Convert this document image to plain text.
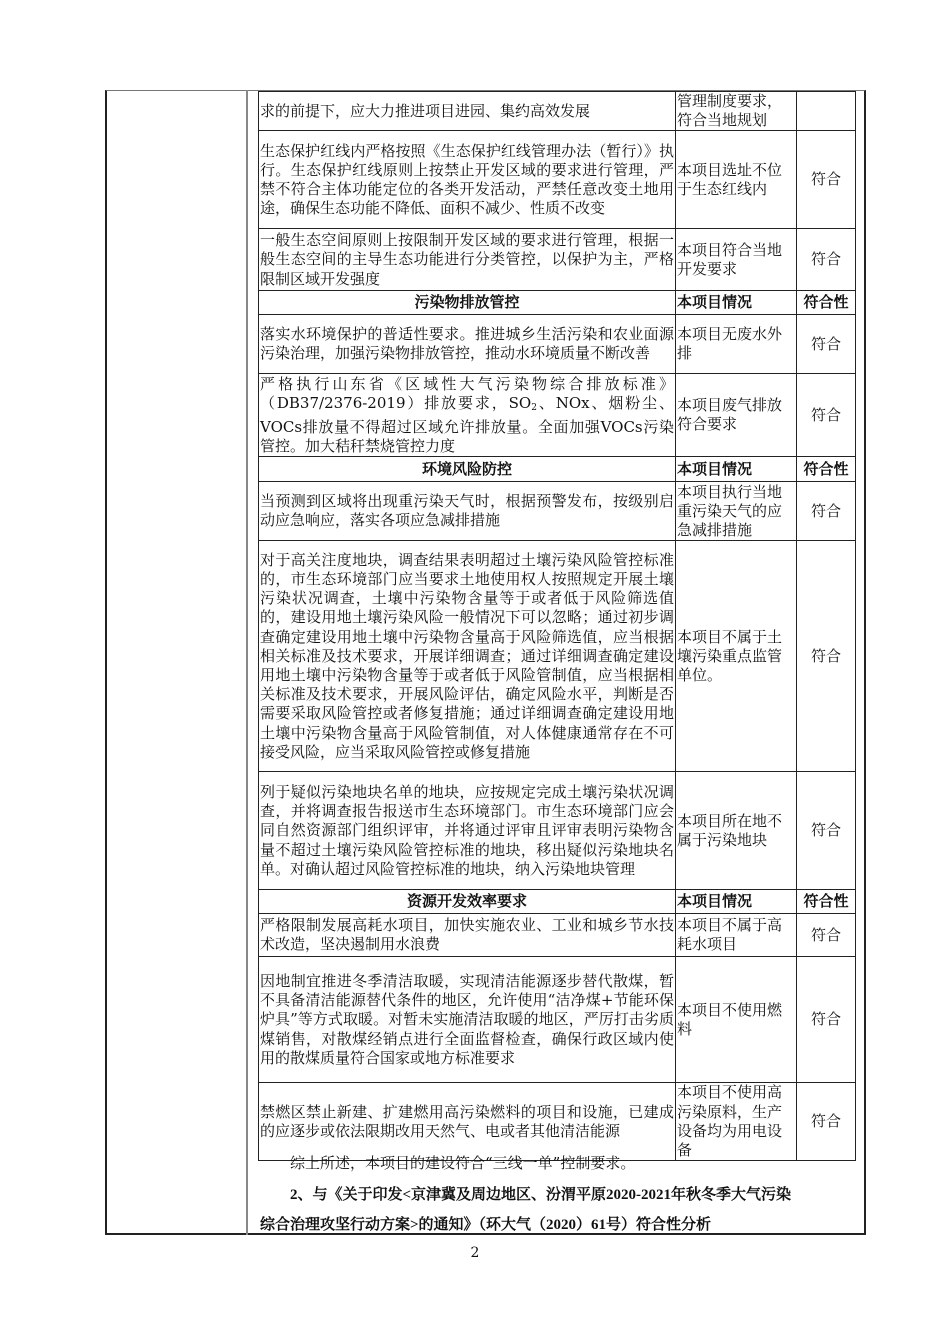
求的前提下，应大力推进项目进园、集约高效发展	管理制度要求，符合当地规划	
生态保护红线内严格按照《生态保护红线管理办法（暂行）》执行。生态保护红线原则上按禁止开发区域的要求进行管理，严禁不符合主体功能定位的各类开发活动，严禁任意改变土地用途，确保生态功能不降低、面积不减少、性质不改变	本项目选址不位于生态红线内	符合
一般生态空间原则上按限制开发区域的要求进行管理，根据一般生态空间的主导生态功能进行分类管控，以保护为主，严格限制区域开发强度	本项目符合当地开发要求	符合
污染物排放管控	本项目情况	符合性
落实水环境保护的普适性要求。推进城乡生活污染和农业面源污染治理，加强污染物排放管控，推动水环境质量不断改善	本项目无废水外排	符合
严格执行山东省《区域性大气污染物综合排放标准》（DB37/2376-2019）排放要求，$SO_2$、NOx、烟粉尘、VOCs排放量不得超过区域允许排放量。全面加强VOCs污染管控。加大秸秆禁烧管控力度	本项目废气排放符合要求	符合
环境风险防控	本项目情况	符合性
当预测到区域将出现重污染天气时，根据预警发布，按级别启动应急响应，落实各项应急减排措施	本项目执行当地重污染天气的应急减排措施	符合
对于高关注度地块，调查结果表明超过土壤污染风险管控标准的，市生态环境部门应当要求土地使用权人按照规定开展土壤污染状况调查，土壤中污染物含量等于或者低于风险筛选值的，建设用地土壤污染风险一般情况下可以忽略；通过初步调查确定建设用地土壤中污染物含量高于风险筛选值，应当根据相关标准及技术要求，开展详细调查；通过详细调查确定建设用地土壤中污染物含量等于或者低于风险管制值，应当根据相关标准及技术要求，开展风险评估，确定风险水平，判断是否需要采取风险管控或者修复措施；通过详细调查确定建设用地土壤中污染物含量高于风险管制值，对人体健康通常存在不可接受风险，应当采取风险管控或修复措施	本项目不属于土壤污染重点监管单位。	符合
列于疑似污染地块名单的地块，应按规定完成土壤污染状况调查，并将调查报告报送市生态环境部门。市生态环境部门应会同自然资源部门组织评审，并将通过评审且评审表明污染物含量不超过土壤污染风险管控标准的地块，移出疑似污染地块名单。对确认超过风险管控标准的地块，纳入污染地块管理	本项目所在地不属于污染地块	符合
资源开发效率要求	本项目情况	符合性
严格限制发展高耗水项目，加快实施农业、工业和城乡节水技术改造，坚决遏制用水浪费	本项目不属于高耗水项目	符合
因地制宜推进冬季清洁取暖，实现清洁能源逐步替代散煤，暂不具备清洁能源替代条件的地区，允许使用“洁净煤+节能环保炉具”等方式取暖。对暂未实施清洁取暖的地区，严厉打击劣质煤销售，对散煤经销点进行全面监督检查，确保行政区域内使用的散煤质量符合国家或地方标准要求	本项目不使用燃料	符合
禁燃区禁止新建、扩建燃用高污染燃料的项目和设施，已建成的应逐步或依法限期改用天然气、电或者其他清洁能源	本项目不使用高污染原料，生产设备均为用电设备	符合
综上所述，本项目的建设符合“三线一单”控制要求。
2、与《关于印发<京津冀及周边地区、汾渭平原2020-2021年秋冬季大气污染
综合治理攻坚行动方案>的通知》（环大气（2020）61号）符合性分析
2
